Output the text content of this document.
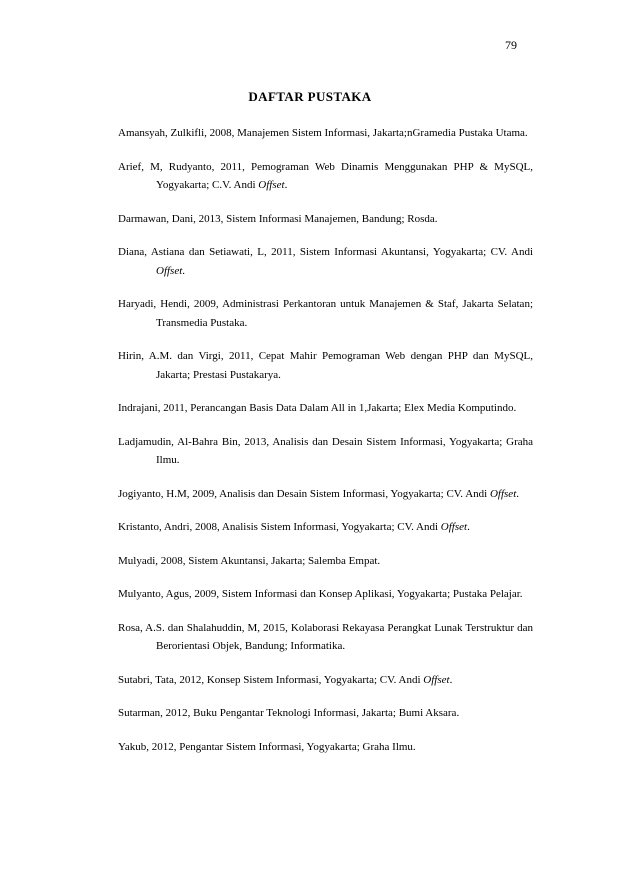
79
DAFTAR PUSTAKA
Amansyah, Zulkifli, 2008, Manajemen Sistem Informasi, Jakarta;nGramedia Pustaka Utama.
Arief, M, Rudyanto, 2011, Pemograman Web Dinamis Menggunakan PHP & MySQL, Yogyakarta; C.V. Andi Offset.
Darmawan, Dani, 2013, Sistem Informasi Manajemen, Bandung; Rosda.
Diana, Astiana dan Setiawati, L, 2011, Sistem Informasi Akuntansi, Yogyakarta; CV. Andi Offset.
Haryadi, Hendi, 2009, Administrasi Perkantoran untuk Manajemen & Staf, Jakarta Selatan; Transmedia Pustaka.
Hirin, A.M. dan Virgi, 2011, Cepat Mahir Pemograman Web dengan PHP dan MySQL, Jakarta; Prestasi Pustakarya.
Indrajani, 2011, Perancangan Basis Data Dalam All in 1,Jakarta; Elex Media Komputindo.
Ladjamudin, Al-Bahra Bin, 2013, Analisis dan Desain Sistem Informasi, Yogyakarta; Graha Ilmu.
Jogiyanto, H.M, 2009, Analisis dan Desain Sistem Informasi, Yogyakarta; CV. Andi Offset.
Kristanto, Andri, 2008, Analisis Sistem Informasi, Yogyakarta; CV. Andi Offset.
Mulyadi, 2008, Sistem Akuntansi, Jakarta; Salemba Empat.
Mulyanto, Agus, 2009, Sistem Informasi dan Konsep Aplikasi, Yogyakarta; Pustaka Pelajar.
Rosa, A.S. dan Shalahuddin, M, 2015, Kolaborasi Rekayasa Perangkat Lunak Terstruktur dan Berorientasi Objek, Bandung; Informatika.
Sutabri, Tata, 2012, Konsep Sistem Informasi, Yogyakarta; CV. Andi Offset.
Sutarman, 2012, Buku Pengantar Teknologi Informasi, Jakarta; Bumi Aksara.
Yakub, 2012, Pengantar Sistem Informasi, Yogyakarta; Graha Ilmu.
